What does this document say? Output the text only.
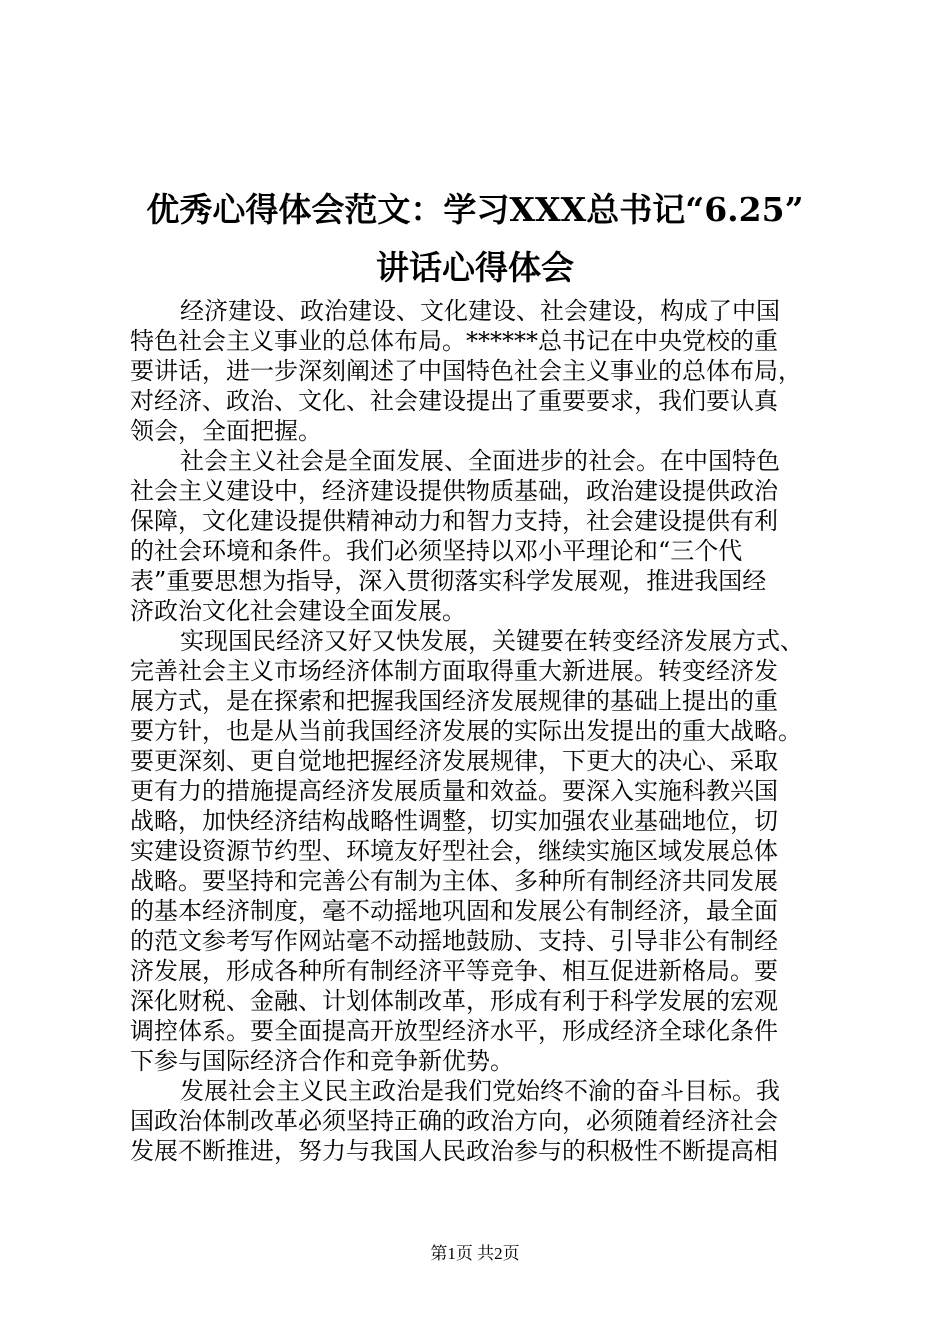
优秀心得体会范文：学习XXX总书记“6.25”
讲话心得体会
经济建设、政治建设、文化建设、社会建设，构成了中国
特色社会主义事业的总体布局。******总书记在中央党校的重
要讲话，进一步深刻阐述了中国特色社会主义事业的总体布局，
对经济、政治、文化、社会建设提出了重要要求，我们要认真
领会，全面把握。
社会主义社会是全面发展、全面进步的社会。在中国特色
社会主义建设中，经济建设提供物质基础，政治建设提供政治
保障，文化建设提供精神动力和智力支持，社会建设提供有利
的社会环境和条件。我们必须坚持以邓小平理论和“三个代
表”重要思想为指导，深入贯彻落实科学发展观，推进我国经
济政治文化社会建设全面发展。
实现国民经济又好又快发展，关键要在转变经济发展方式、
完善社会主义市场经济体制方面取得重大新进展。转变经济发
展方式，是在探索和把握我国经济发展规律的基础上提出的重
要方针，也是从当前我国经济发展的实际出发提出的重大战略。
要更深刻、更自觉地把握经济发展规律，下更大的决心、采取
更有力的措施提高经济发展质量和效益。要深入实施科教兴国
战略，加快经济结构战略性调整，切实加强农业基础地位，切
实建设资源节约型、环境友好型社会，继续实施区域发展总体
战略。要坚持和完善公有制为主体、多种所有制经济共同发展
的基本经济制度，毫不动摇地巩固和发展公有制经济，最全面
的范文参考写作网站毫不动摇地鼓励、支持、引导非公有制经
济发展，形成各种所有制经济平等竞争、相互促进新格局。要
深化财税、金融、计划体制改革，形成有利于科学发展的宏观
调控体系。要全面提高开放型经济水平，形成经济全球化条件
下参与国际经济合作和竞争新优势。
发展社会主义民主政治是我们党始终不渝的奋斗目标。我
国政治体制改革必须坚持正确的政治方向，必须随着经济社会
发展不断推进，努力与我国人民政治参与的积极性不断提高相
第1页 共2页
